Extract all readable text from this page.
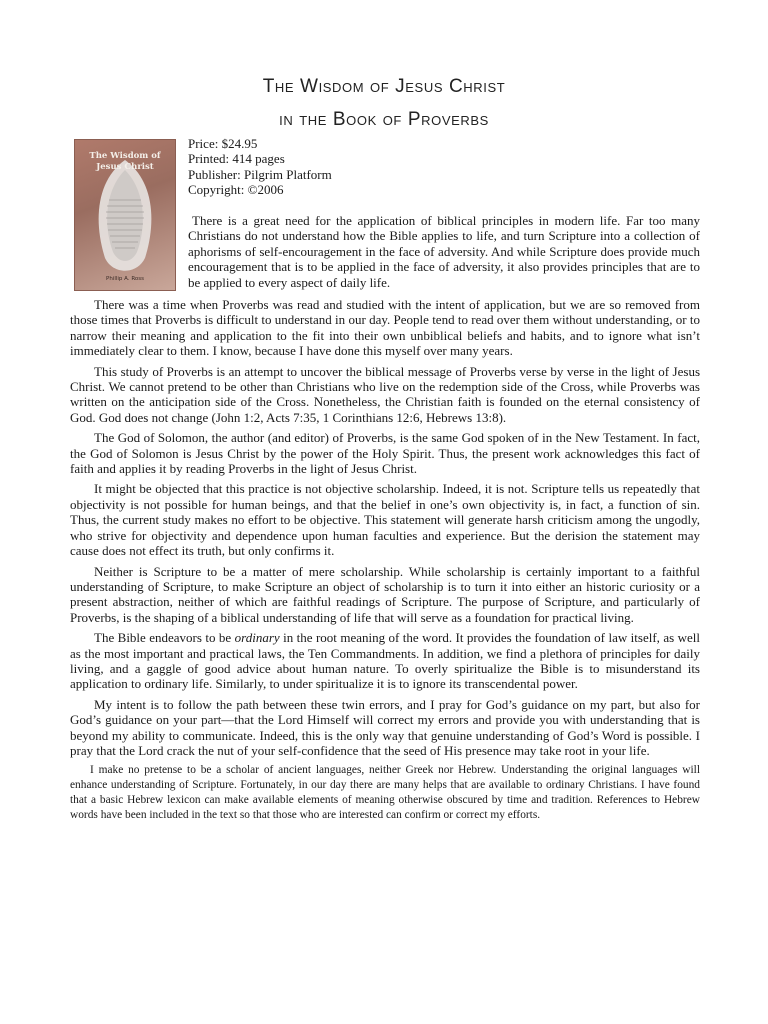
The Wisdom of Jesus Christ
in the Book of Proverbs
The Wisdom of
Jesus Christ
Phillip A. Ross
Price: $24.95
Printed: 414 pages
Publisher: Pilgrim Platform
Copyright: ©2006
There is a great need for the application of biblical principles in modern life. Far too many Christians do not understand how the Bible applies to life, and turn Scripture into a collection of aphorisms of self-encouragement in the face of adversity. And while Scripture does provide much encouragement that is to be applied in the face of adversity, it also provides principles that are to be applied to every aspect of daily life.

There was a time when Proverbs was read and studied with the intent of application, but we are so removed from those times that Proverbs is difficult to understand in our day. People tend to read over them without understanding, or to narrow their meaning and application to the fit into their own unbiblical beliefs and habits, and to ignore what isn’t immediately clear to them. I know, because I have done this myself over many years.

This study of Proverbs is an attempt to uncover the biblical message of Proverbs verse by verse in the light of Jesus Christ. We cannot pretend to be other than Christians who live on the redemption side of the Cross, while Proverbs was written on the anticipation side of the Cross. Nonetheless, the Christian faith is founded on the eternal consistency of God. God does not change (John 1:2, Acts 7:35, 1 Corinthians 12:6, Hebrews 13:8).

The God of Solomon, the author (and editor) of Proverbs, is the same God spoken of in the New Testament. In fact, the God of Solomon is Jesus Christ by the power of the Holy Spirit. Thus, the present work acknowledges this fact of faith and applies it by reading Proverbs in the light of Jesus Christ.

It might be objected that this practice is not objective scholarship. Indeed, it is not. Scripture tells us repeatedly that objectivity is not possible for human beings, and that the belief in one’s own objectivity is, in fact, a function of sin. Thus, the current study makes no effort to be objective. This statement will generate harsh criticism among the ungodly, who strive for objectivity and dependence upon human faculties and experience. But the derision the statement may cause does not effect its truth, but only confirms it.

Neither is Scripture to be a matter of mere scholarship. While scholarship is certainly important to a faithful understanding of Scripture, to make Scripture an object of scholarship is to turn it into either an historic curiosity or a present abstraction, neither of which are faithful readings of Scripture. The purpose of Scripture, and particularly of Proverbs, is the shaping of a biblical understanding of life that will serve as a foundation for practical living.

The Bible endeavors to be ordinary in the root meaning of the word. It provides the foundation of law itself, as well as the most important and practical laws, the Ten Commandments. In addition, we find a plethora of principles for daily living, and a gaggle of good advice about human nature. To overly spiritualize the Bible is to misunderstand its application to ordinary life. Similarly, to under spiritualize it is to ignore its transcendental power.

My intent is to follow the path between these twin errors, and I pray for God’s guidance on my part, but also for God’s guidance on your part—that the Lord Himself will correct my errors and provide you with understanding that is beyond my ability to communicate. Indeed, this is the only way that genuine understanding of God’s Word is possible. I pray that the Lord crack the nut of your self-confidence that the seed of His presence may take root in your life.

I make no pretense to be a scholar of ancient languages, neither Greek nor Hebrew. Understanding the original languages will enhance understanding of Scripture. Fortunately, in our day there are many helps that are available to ordinary Christians. I have found that a basic Hebrew lexicon can make available elements of meaning otherwise obscured by time and tradition. References to Hebrew words have been included in the text so that those who are interested can confirm or correct my efforts.
